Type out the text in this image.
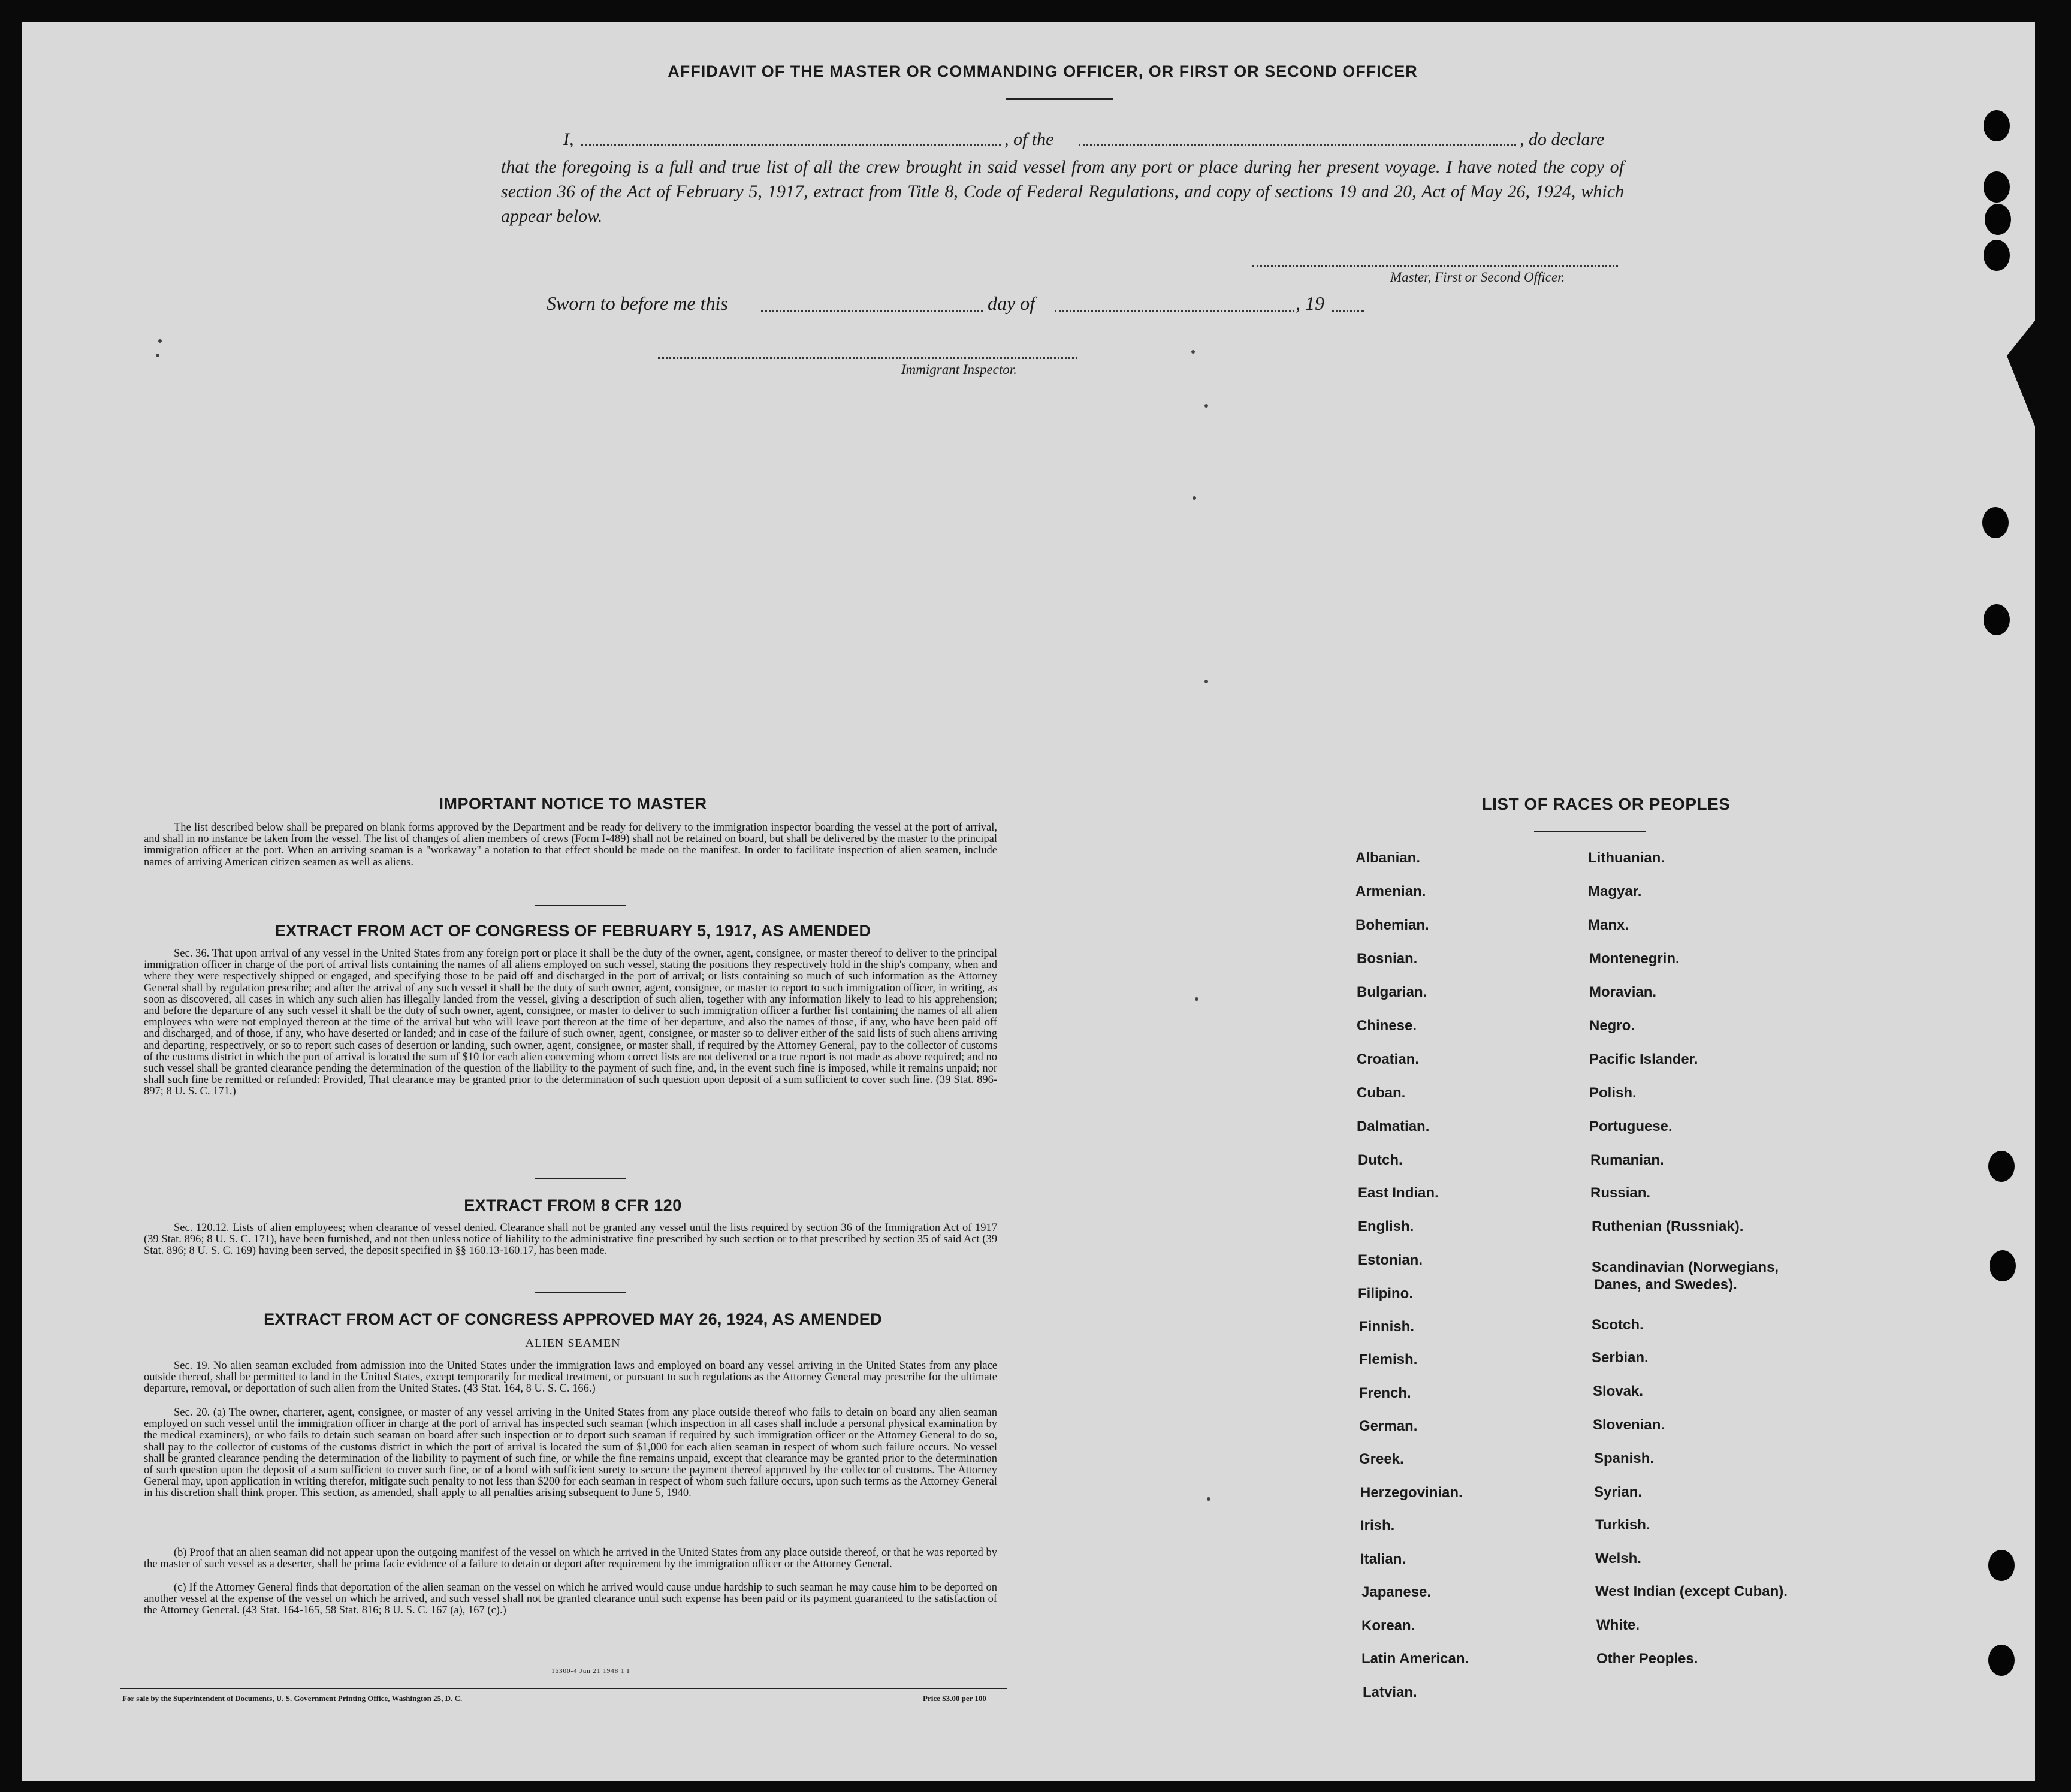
AFFIDAVIT OF THE MASTER OR COMMANDING OFFICER, OR FIRST OR SECOND OFFICER
I,	, of the	, do declare
that the foregoing is a full and true list of all the crew brought in said vessel from any port or place during her present voyage. I have noted the copy of section 36 of the Act of February 5, 1917, extract from Title 8, Code of Federal Regulations, and copy of sections 19 and 20, Act of May 26, 1924, which appear below.
Master, First or Second Officer.
Sworn to before me this	day of	, 19
Immigrant Inspector.
IMPORTANT NOTICE TO MASTER
The list described below shall be prepared on blank forms approved by the Department and be ready for delivery to the immigration inspector boarding the vessel at the port of arrival, and shall in no instance be taken from the vessel. The list of changes of alien members of crews (Form I-489) shall not be retained on board, but shall be delivered by the master to the principal immigration officer at the port. When an arriving seaman is a "workaway" a notation to that effect should be made on the manifest. In order to facilitate inspection of alien seamen, include names of arriving American citizen seamen as well as aliens.
EXTRACT FROM ACT OF CONGRESS OF FEBRUARY 5, 1917, AS AMENDED
Sec. 36. That upon arrival of any vessel in the United States from any foreign port or place it shall be the duty of the owner, agent, consignee, or master thereof to deliver to the principal immigration officer in charge of the port of arrival lists containing the names of all aliens employed on such vessel, stating the positions they respectively hold in the ship's company, when and where they were respectively shipped or engaged, and specifying those to be paid off and discharged in the port of arrival; or lists containing so much of such information as the Attorney General shall by regulation prescribe; and after the arrival of any such vessel it shall be the duty of such owner, agent, consignee, or master to report to such immigration officer, in writing, as soon as discovered, all cases in which any such alien has illegally landed from the vessel, giving a description of such alien, together with any information likely to lead to his apprehension; and before the departure of any such vessel it shall be the duty of such owner, agent, consignee, or master to deliver to such immigration officer a further list containing the names of all alien employees who were not employed thereon at the time of the arrival but who will leave port thereon at the time of her departure, and also the names of those, if any, who have been paid off and discharged, and of those, if any, who have deserted or landed; and in case of the failure of such owner, agent, consignee, or master so to deliver either of the said lists of such aliens arriving and departing, respectively, or so to report such cases of desertion or landing, such owner, agent, consignee, or master shall, if required by the Attorney General, pay to the collector of customs of the customs district in which the port of arrival is located the sum of $10 for each alien concerning whom correct lists are not delivered or a true report is not made as above required; and no such vessel shall be granted clearance pending the determination of the question of the liability to the payment of such fine, and, in the event such fine is imposed, while it remains unpaid; nor shall such fine be remitted or refunded: Provided, That clearance may be granted prior to the determination of such question upon deposit of a sum sufficient to cover such fine. (39 Stat. 896-897; 8 U. S. C. 171.)
EXTRACT FROM 8 CFR 120
Sec. 120.12. Lists of alien employees; when clearance of vessel denied. Clearance shall not be granted any vessel until the lists required by section 36 of the Immigration Act of 1917 (39 Stat. 896; 8 U. S. C. 171), have been furnished, and not then unless notice of liability to the administrative fine prescribed by such section or to that prescribed by section 35 of said Act (39 Stat. 896; 8 U. S. C. 169) having been served, the deposit specified in §§ 160.13-160.17, has been made.
EXTRACT FROM ACT OF CONGRESS APPROVED MAY 26, 1924, AS AMENDED
ALIEN SEAMEN
Sec. 19. No alien seaman excluded from admission into the United States under the immigration laws and employed on board any vessel arriving in the United States from any place outside thereof, shall be permitted to land in the United States, except temporarily for medical treatment, or pursuant to such regulations as the Attorney General may prescribe for the ultimate departure, removal, or deportation of such alien from the United States. (43 Stat. 164, 8 U. S. C. 166.)
Sec. 20. (a) The owner, charterer, agent, consignee, or master of any vessel arriving in the United States from any place outside thereof who fails to detain on board any alien seaman employed on such vessel until the immigration officer in charge at the port of arrival has inspected such seaman (which inspection in all cases shall include a personal physical examination by the medical examiners), or who fails to detain such seaman on board after such inspection or to deport such seaman if required by such immigration officer or the Attorney General to do so, shall pay to the collector of customs of the customs district in which the port of arrival is located the sum of $1,000 for each alien seaman in respect of whom such failure occurs. No vessel shall be granted clearance pending the determination of the liability to payment of such fine, or while the fine remains unpaid, except that clearance may be granted prior to the determination of such question upon the deposit of a sum sufficient to cover such fine, or of a bond with sufficient surety to secure the payment thereof approved by the collector of customs. The Attorney General may, upon application in writing therefor, mitigate such penalty to not less than $200 for each seaman in respect of whom such failure occurs, upon such terms as the Attorney General in his discretion shall think proper. This section, as amended, shall apply to all penalties arising subsequent to June 5, 1940.
(b) Proof that an alien seaman did not appear upon the outgoing manifest of the vessel on which he arrived in the United States from any place outside thereof, or that he was reported by the master of such vessel as a deserter, shall be prima facie evidence of a failure to detain or deport after requirement by the immigration officer or the Attorney General.
(c) If the Attorney General finds that deportation of the alien seaman on the vessel on which he arrived would cause undue hardship to such seaman he may cause him to be deported on another vessel at the expense of the vessel on which he arrived, and such vessel shall not be granted clearance until such expense has been paid or its payment guaranteed to the satisfaction of the Attorney General. (43 Stat. 164-165, 58 Stat. 816; 8 U. S. C. 167 (a), 167 (c).)
16300-4 Jun 21 1948 1 I
For sale by the Superintendent of Documents, U. S. Government Printing Office, Washington 25, D. C.	Price $3.00 per 100
LIST OF RACES OR PEOPLES
Albanian.
Armenian.
Bohemian.
Bosnian.
Bulgarian.
Chinese.
Croatian.
Cuban.
Dalmatian.
Dutch.
East Indian.
English.
Estonian.
Filipino.
Finnish.
Flemish.
French.
German.
Greek.
Herzegovinian.
Irish.
Italian.
Japanese.
Korean.
Latin American.
Latvian.
Lithuanian.
Magyar.
Manx.
Montenegrin.
Moravian.
Negro.
Pacific Islander.
Polish.
Portuguese.
Rumanian.
Russian.
Ruthenian (Russniak).
Scandinavian (Norwegians,
Danes, and Swedes).
Scotch.
Serbian.
Slovak.
Slovenian.
Spanish.
Syrian.
Turkish.
Welsh.
West Indian (except Cuban).
White.
Other Peoples.
